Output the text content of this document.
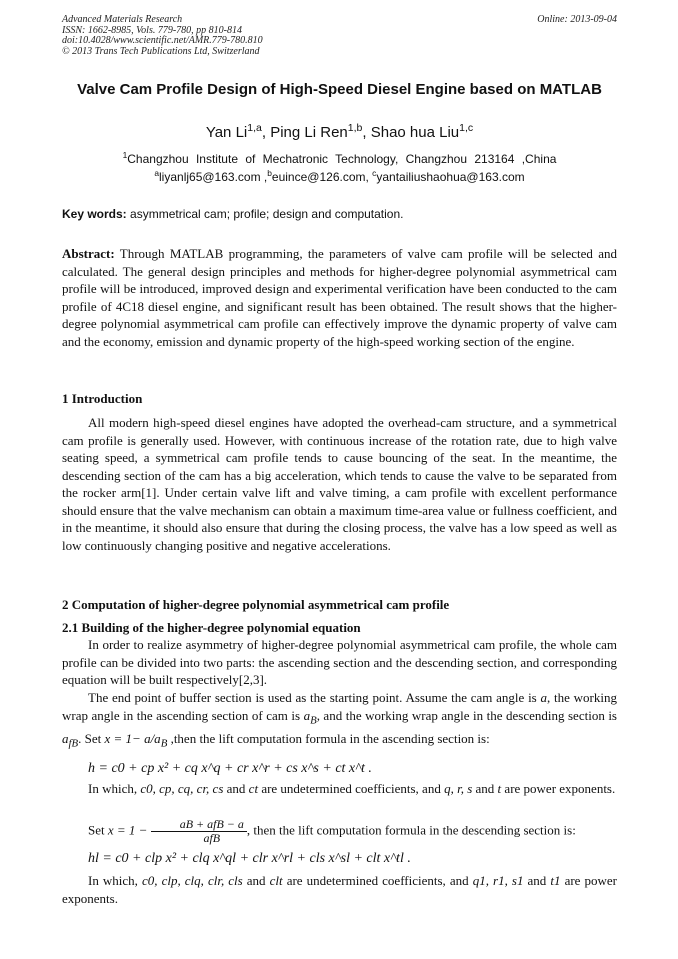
Advanced Materials Research
ISSN: 1662-8985, Vols. 779-780, pp 810-814
doi:10.4028/www.scientific.net/AMR.779-780.810
© 2013 Trans Tech Publications Ltd, Switzerland
Online: 2013-09-04
Valve Cam Profile Design of High-Speed Diesel Engine based on MATLAB
Yan Li$^{1,a}$, Ping Li Ren$^{1,b}$, Shao hua Liu$^{1,c}$
$^1$Changzhou Institute of Mechatronic Technology, Changzhou 213164 ,China
$^a$liyanlj65@163.com ,$^b$euince@126.com, $^c$yantailiushaohua@163.com
Key words: asymmetrical cam; profile; design and computation.
Abstract: Through MATLAB programming, the parameters of valve cam profile will be selected and calculated. The general design principles and methods for higher-degree polynomial asymmetrical cam profile will be introduced, improved design and experimental verification have been conducted to the cam profile of 4C18 diesel engine, and significant result has been obtained. The result shows that the higher-degree polynomial asymmetrical cam profile can effectively improve the dynamic property of valve cam and the economy, emission and dynamic property of the high-speed working section of the engine.
1 Introduction
All modern high-speed diesel engines have adopted the overhead-cam structure, and a symmetrical cam profile is generally used. However, with continuous increase of the rotation rate, due to high valve seating speed, a symmetrical cam profile tends to cause bouncing of the seat. In the meantime, the descending section of the cam has a big acceleration, which tends to cause the valve to be separated from the rocker arm[1]. Under certain valve lift and valve timing, a cam profile with excellent performance should ensure that the valve mechanism can obtain a maximum time-area value or fullness coefficient, and in the meantime, it should also ensure that during the closing process, the valve has a low speed as well as low continuously changing positive and negative accelerations.
2 Computation of higher-degree polynomial asymmetrical cam profile
2.1 Building of the higher-degree polynomial equation
In order to realize asymmetry of higher-degree polynomial asymmetrical cam profile, the whole cam profile can be divided into two parts: the ascending section and the descending section, and corresponding equation will be built respectively[2,3].
The end point of buffer section is used as the starting point. Assume the cam angle is a, the working wrap angle in the ascending section of cam is $a_B$, and the working wrap angle in the descending section is $a_{fB}$. Set $x = 1- a/a_B$ ,then the lift computation formula in the ascending section is:
h = c0 + cp x² + cq x^q + cr x^r + cs x^s + ct x^t .
In which, c0, cp, cq, cr, cs and ct are undetermined coefficients, and q, r, s and t are power exponents.
Set $x = 1 - \frac{\text{aB + afB − a}}{\text{afB}}$ , then the lift computation formula in the descending section is:
hl = c0 + clp x² + clq x^ql + clr x^rl + cls x^sl + clt x^tl .
In which, c0, clp, clq, clr, cls and clt are undetermined coefficients, and q1, r1, s1 and t1 are power exponents.
